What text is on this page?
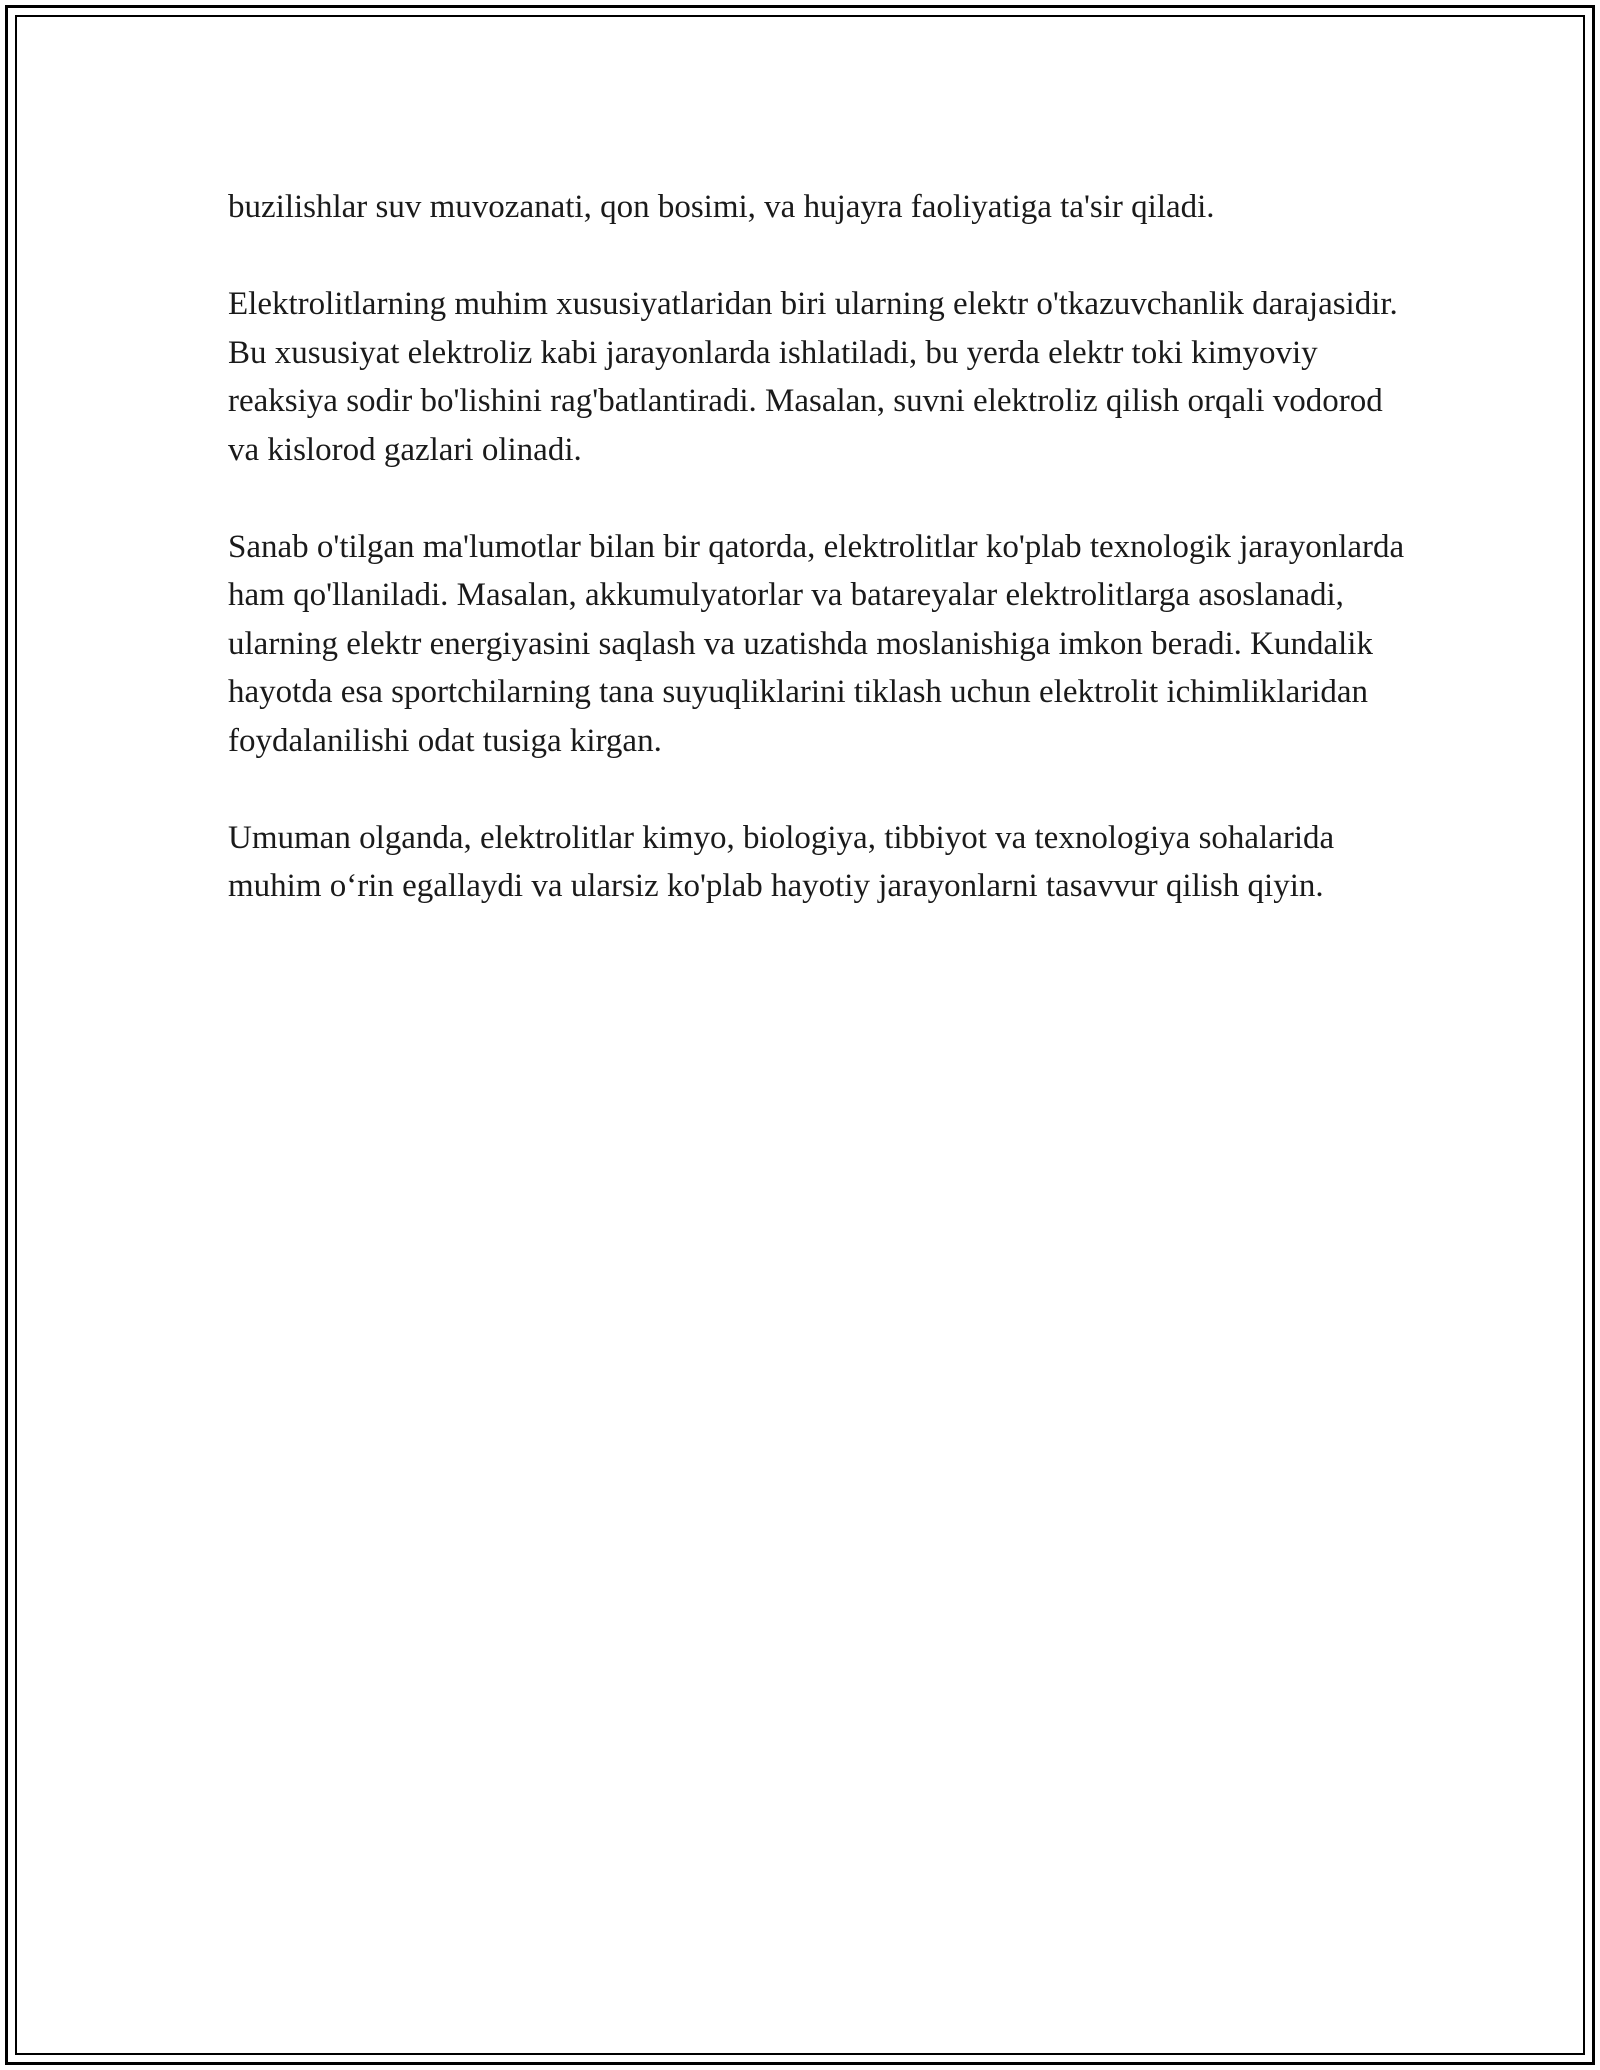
buzilishlar suv muvozanati, qon bosimi, va hujayra faoliyatiga ta'sir qiladi.

Elektrolitlarning muhim xususiyatlaridan biri ularning elektr o'tkazuvchanlik darajasidir. Bu xususiyat elektroliz kabi jarayonlarda ishlatiladi, bu yerda elektr toki kimyoviy reaksiya sodir bo'lishini rag'batlantiradi. Masalan, suvni elektroliz qilish orqali vodorod va kislorod gazlari olinadi.

Sanab o'tilgan ma'lumotlar bilan bir qatorda, elektrolitlar ko'plab texnologik jarayonlarda ham qo'llaniladi. Masalan, akkumulyatorlar va batareyalar elektrolitlarga asoslanadi, ularning elektr energiyasini saqlash va uzatishda moslanishiga imkon beradi. Kundalik hayotda esa sportchilarning tana suyuqliklarini tiklash uchun elektrolit ichimliklaridan foydalanilishi odat tusiga kirgan.

Umuman olganda, elektrolitlar kimyo, biologiya, tibbiyot va texnologiya sohalarida muhim o‘rin egallaydi va ularsiz ko'plab hayotiy jarayonlarni tasavvur qilish qiyin.
